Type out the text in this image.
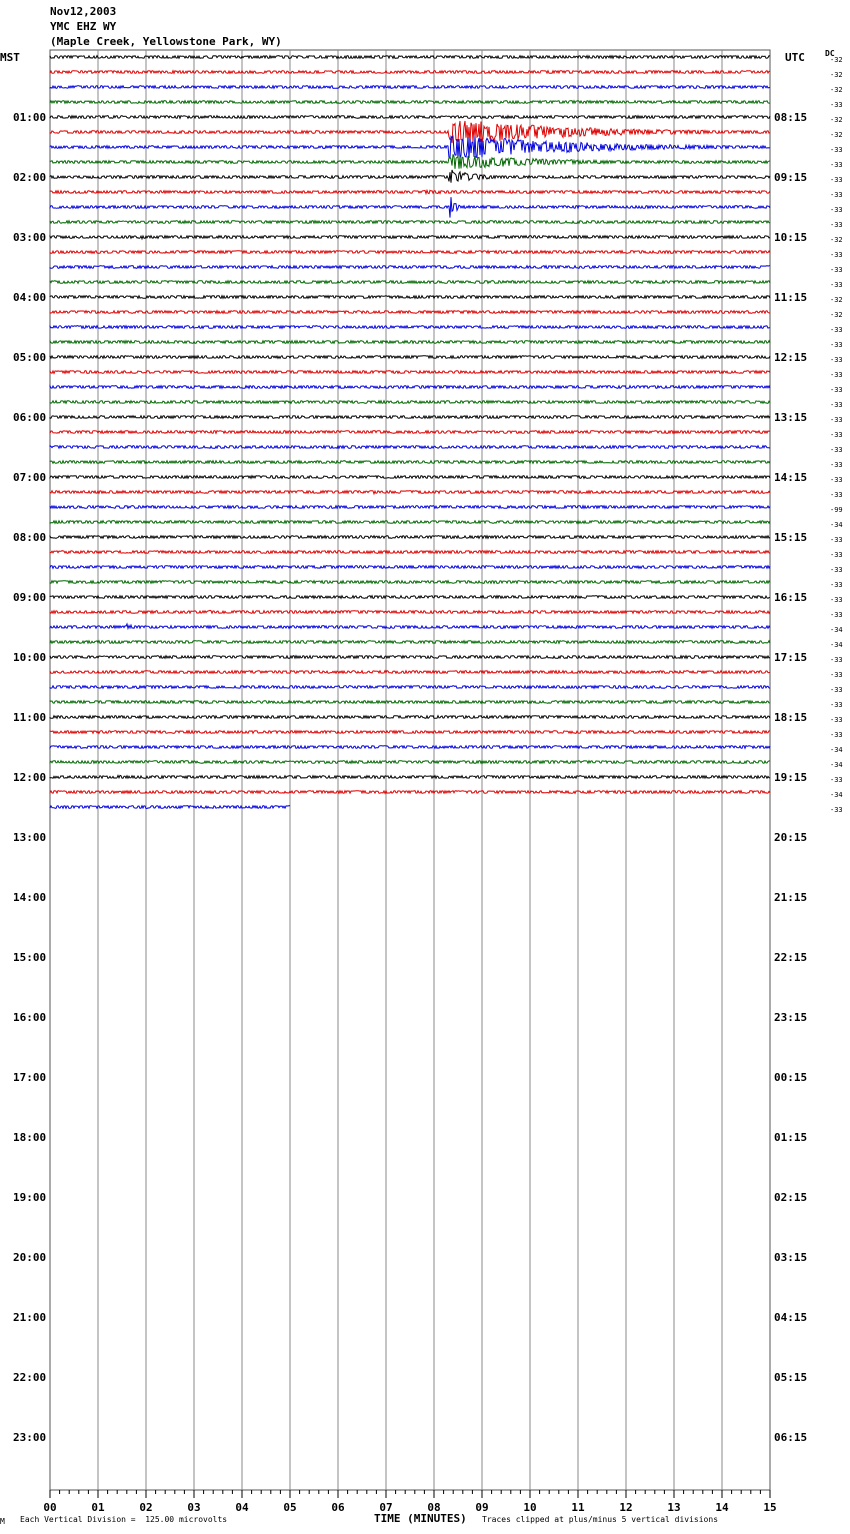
Nov12,2003
YMC EHZ WY
(Maple Creek, Yellowstone Park, WY)
MST	UTC	DC
00	01	02	03	04	05	06	07	08	09	10	11	12	13	14	15
01:00
02:00
03:00
04:00
05:00
06:00
07:00
08:00
09:00
10:00
11:00
12:00
13:00
14:00
15:00
16:00
17:00
18:00
19:00
20:00
21:00
22:00
23:00
08:15
09:15
10:15
11:15
12:15
13:15
14:15
15:15
16:15
17:15
18:15
19:15
20:15
21:15
22:15
23:15
00:15
01:15
02:15
03:15
04:15
05:15
06:15
-32
-32
-32
-33
-32
-32
-33
-33
-33
-33
-33
-33
-32
-33
-33
-33
-32
-32
-33
-33
-33
-33
-33
-33
-33
-33
-33
-33
-33
-33
-99
-34
-33
-33
-33
-33
-33
-33
-34
-34
-33
-33
-33
-33
-33
-33
-34
-34
-33
-34
-33
M Each Vertical Division =  125.00 microvolts	TIME (MINUTES) Traces clipped at plus/minus 5 vertical divisions
